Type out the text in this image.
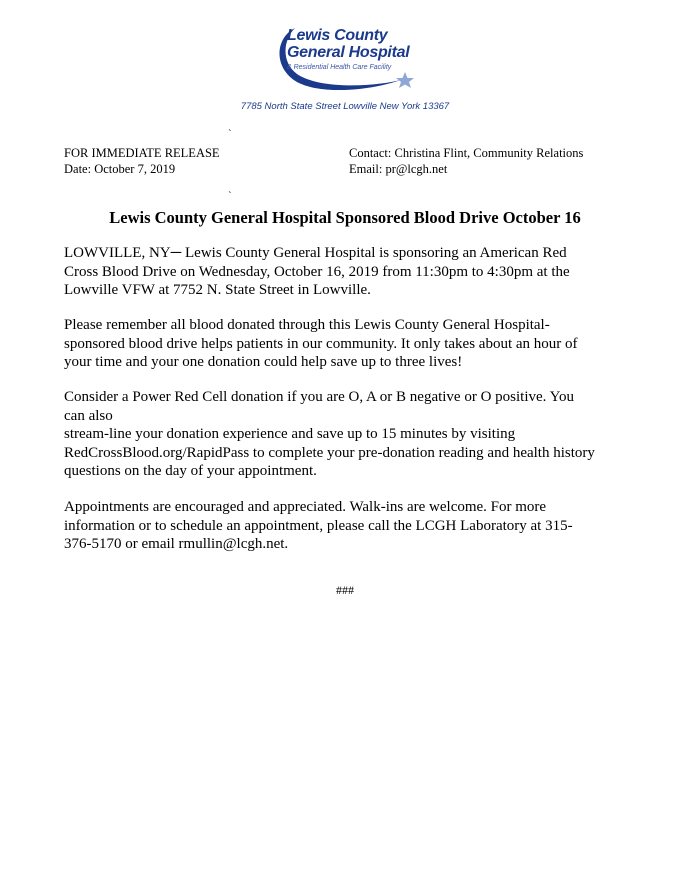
Lewis County
General Hospital
& Residential Health Care Facility
7785 North State Street Lowville New York 13367
`
FOR IMMEDIATE RELEASE
Date: October 7, 2019
Contact: Christina Flint, Community Relations
Email: pr@lcgh.net
`
Lewis County General Hospital Sponsored Blood Drive October 16
LOWVILLE, NY─ Lewis County General Hospital is sponsoring an American Red
Cross Blood Drive on Wednesday, October 16, 2019 from 11:30pm to 4:30pm at the
Lowville VFW at 7752 N. State Street in Lowville.
Please remember all blood donated through this Lewis County General Hospital-
sponsored blood drive helps patients in our community. It only takes about an hour of
your time and your one donation could help save up to three lives!
Consider a Power Red Cell donation if you are O, A or B negative or O positive. You
can also
stream-line your donation experience and save up to 15 minutes by visiting
RedCrossBlood.org/RapidPass to complete your pre-donation reading and health history
questions on the day of your appointment.
Appointments are encouraged and appreciated. Walk-ins are welcome. For more
information or to schedule an appointment, please call the LCGH Laboratory at 315-
376-5170 or email rmullin@lcgh.net.
###
